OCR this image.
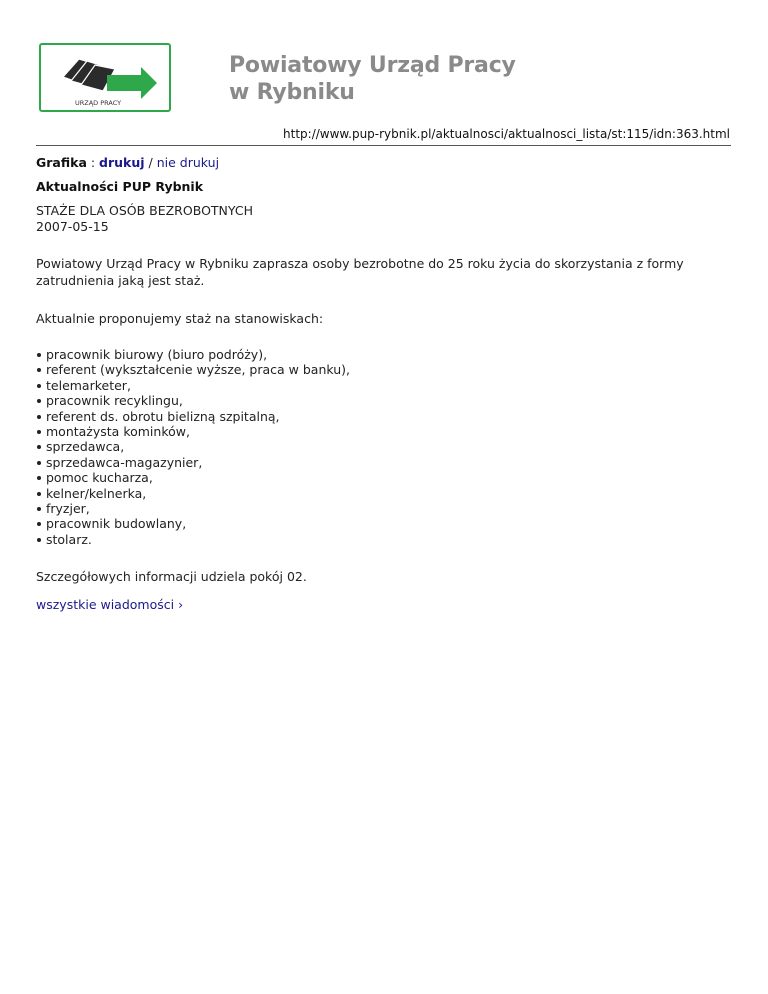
URZĄD PRACY
Powiatowy Urząd Pracy
w Rybniku
http://www.pup-rybnik.pl/aktualnosci/aktualnosci_lista/st:115/idn:363.html

Grafika : drukuj / nie drukuj

Aktualności PUP Rybnik
STAŻE DLA OSÓB BEZROBOTNYCH
2007-05-15

Powiatowy Urząd Pracy w Rybniku zaprasza osoby bezrobotne do 25 roku życia do skorzystania z formy zatrudnienia jaką jest staż.

Aktualnie proponujemy staż na stanowiskach:

pracownik biurowy (biuro podróży),
referent (wykształcenie wyższe, praca w banku),
telemarketer,
pracownik recyklingu,
referent ds. obrotu bielizną szpitalną,
montażysta kominków,
sprzedawca,
sprzedawca-magazynier,
pomoc kucharza,
kelner/kelnerka,
fryzjer,
pracownik budowlany,
stolarz.

Szczegółowych informacji udziela pokój 02.

wszystkie wiadomości ›
